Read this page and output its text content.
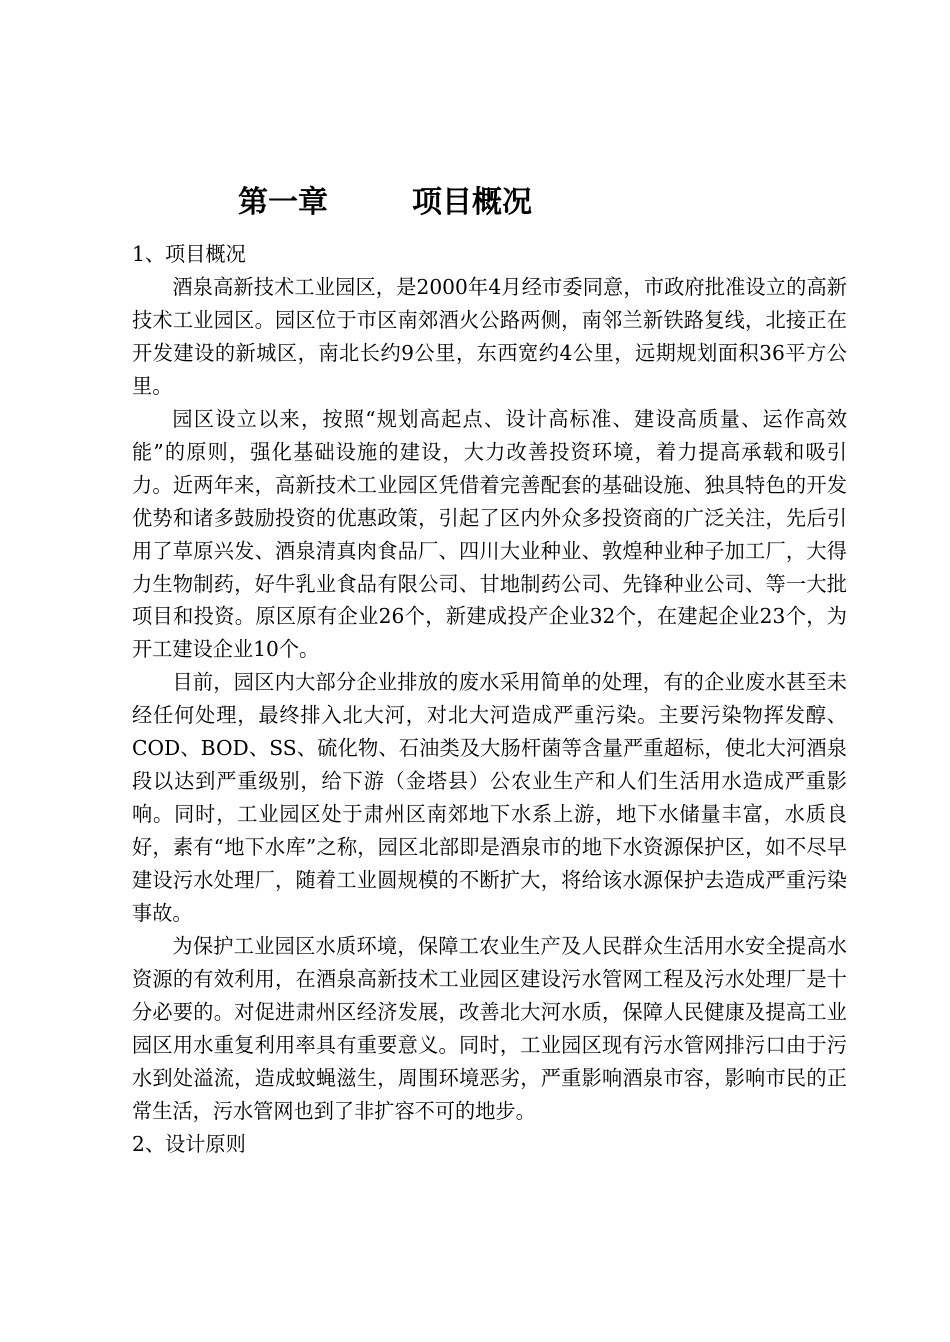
第一章	项目概况

1、项目概况

酒泉高新技术工业园区，是2000年4月经市委同意，市政府批准设立的高新技术工业园区。园区位于市区南郊酒火公路两侧，南邻兰新铁路复线，北接正在开发建设的新城区，南北长约9公里，东西宽约4公里，远期规划面积36平方公里。

园区设立以来，按照“规划高起点、设计高标准、建设高质量、运作高效能”的原则，强化基础设施的建设，大力改善投资环境，着力提高承载和吸引力。近两年来，高新技术工业园区凭借着完善配套的基础设施、独具特色的开发优势和诸多鼓励投资的优惠政策，引起了区内外众多投资商的广泛关注，先后引用了草原兴发、酒泉清真肉食品厂、四川大业种业、敦煌种业种子加工厂，大得力生物制药，好牛乳业食品有限公司、甘地制药公司、先锋种业公司、等一大批项目和投资。原区原有企业26个，新建成投产企业32个，在建起企业23个，为开工建设企业10个。

目前，园区内大部分企业排放的废水采用简单的处理，有的企业废水甚至未经任何处理，最终排入北大河，对北大河造成严重污染。主要污染物挥发醇、COD、BOD、SS、硫化物、石油类及大肠杆菌等含量严重超标，使北大河酒泉段以达到严重级别，给下游（金塔县）公农业生产和人们生活用水造成严重影响。同时，工业园区处于肃州区南郊地下水系上游，地下水储量丰富，水质良好，素有“地下水库”之称，园区北部即是酒泉市的地下水资源保护区，如不尽早建设污水处理厂，随着工业圆规模的不断扩大，将给该水源保护去造成严重污染事故。

为保护工业园区水质环境，保障工农业生产及人民群众生活用水安全提高水资源的有效利用，在酒泉高新技术工业园区建设污水管网工程及污水处理厂是十分必要的。对促进肃州区经济发展，改善北大河水质，保障人民健康及提高工业园区用水重复利用率具有重要意义。同时，工业园区现有污水管网排污口由于污水到处溢流，造成蚊蝇滋生，周围环境恶劣，严重影响酒泉市容，影响市民的正常生活，污水管网也到了非扩容不可的地步。

2、设计原则
